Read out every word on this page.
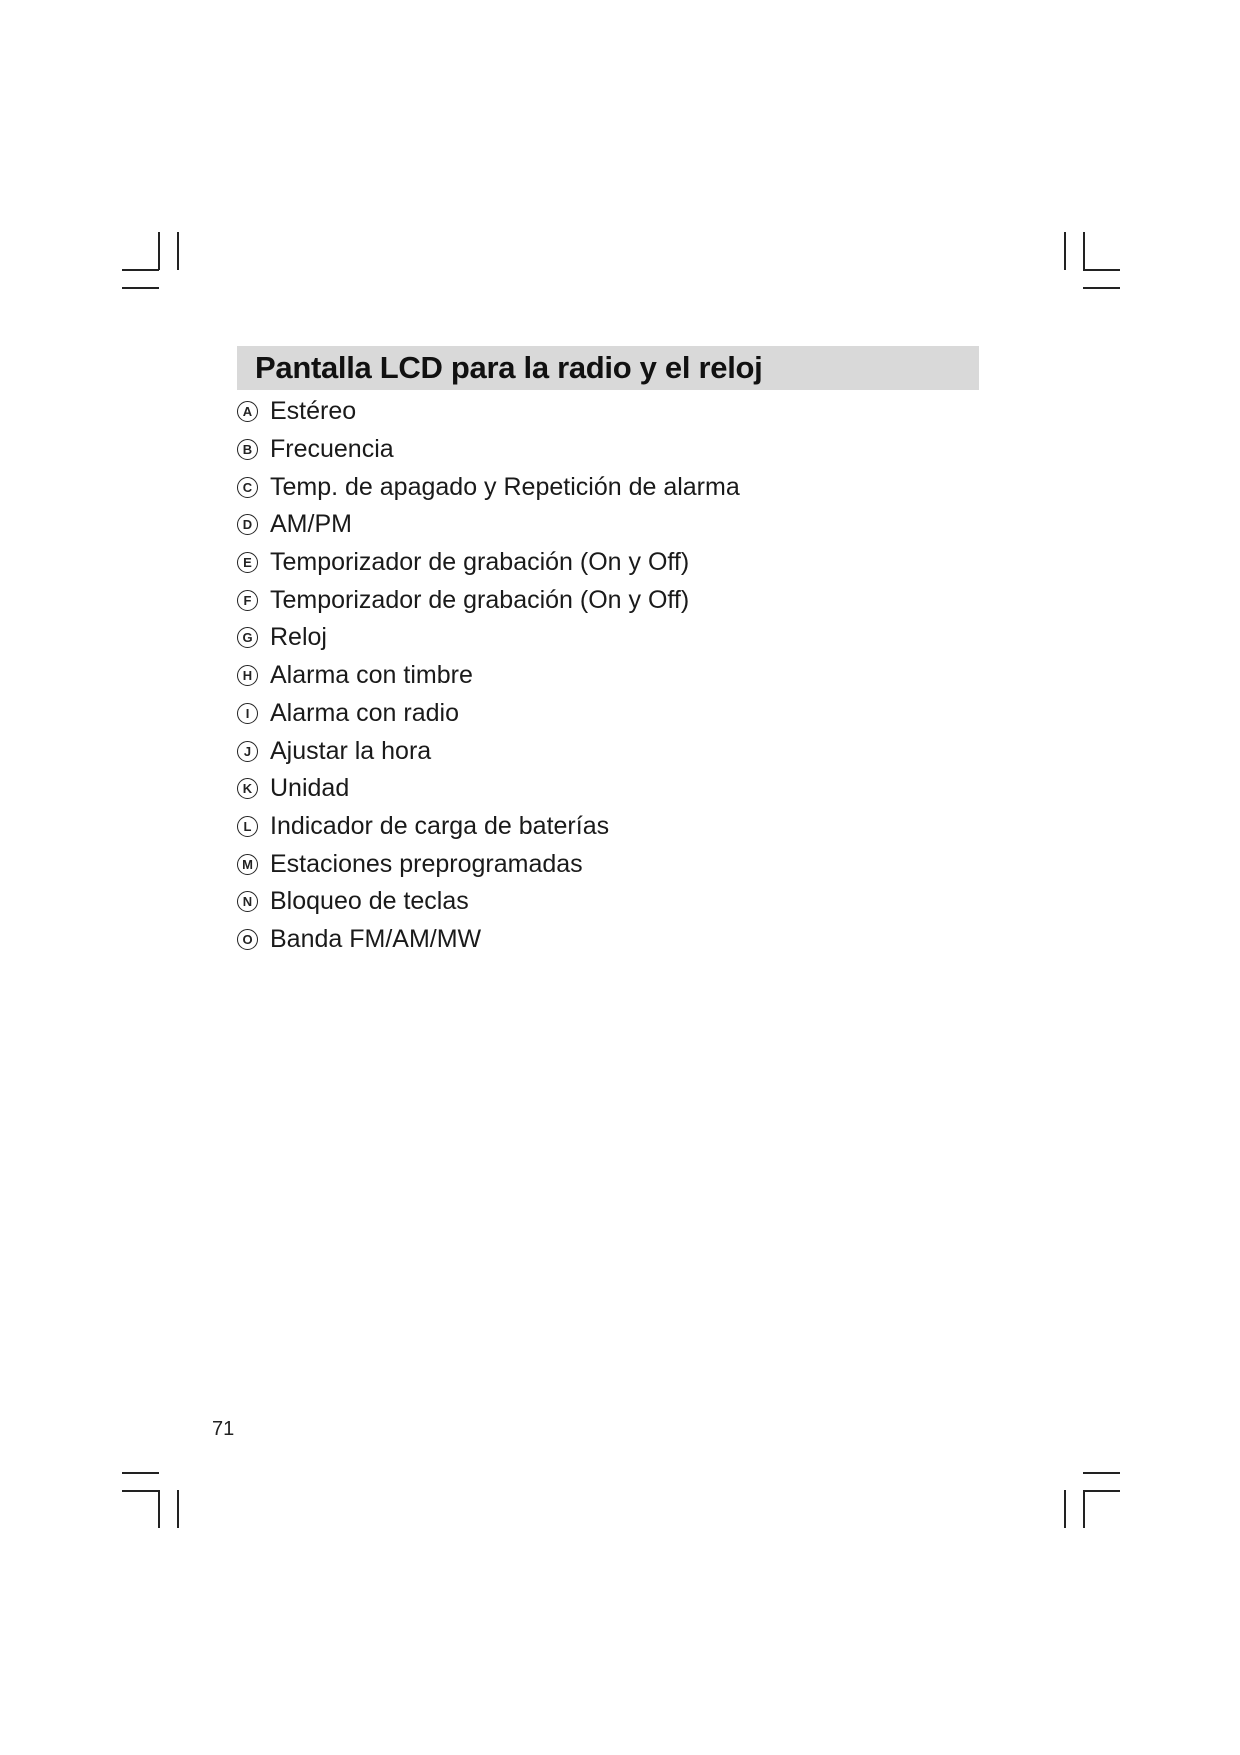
Pantalla LCD para la radio y el reloj
A Estéreo
B Frecuencia
C Temp. de apagado y Repetición de alarma
D AM/PM
E Temporizador de grabación (On y Off)
F Temporizador de grabación (On y Off)
G Reloj
H Alarma con timbre
I Alarma con radio
J Ajustar la hora
K Unidad
L Indicador de carga de baterías
M Estaciones preprogramadas
N Bloqueo de teclas
O Banda FM/AM/MW
71
